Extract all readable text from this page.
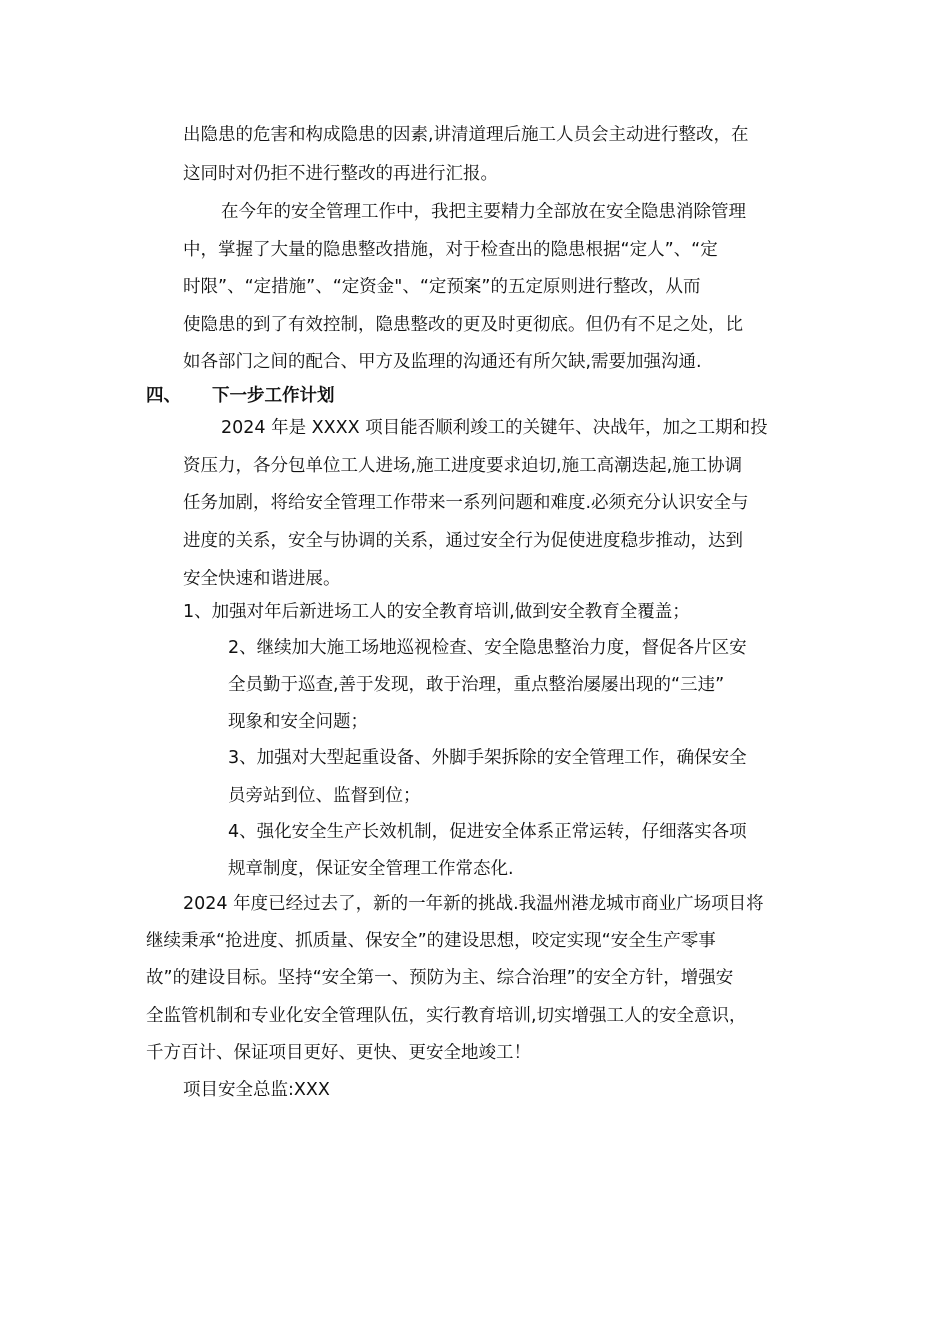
出隐患的危害和构成隐患的因素,讲清道理后施工人员会主动进行整改，在
这同时对仍拒不进行整改的再进行汇报。
在今年的安全管理工作中，我把主要精力全部放在安全隐患消除管理
中，掌握了大量的隐患整改措施，对于检查出的隐患根据“定人”、“定
时限”、“定措施”、“定资金"、“定预案”的五定原则进行整改，从而
使隐患的到了有效控制，隐患整改的更及时更彻底。但仍有不足之处，比
如各部门之间的配合、甲方及监理的沟通还有所欠缺,需要加强沟通.
四、 下一步工作计划
2024 年是 XXXX 项目能否顺利竣工的关键年、决战年，加之工期和投
资压力，各分包单位工人进场,施工进度要求迫切,施工高潮迭起,施工协调
任务加剧，将给安全管理工作带来一系列问题和难度.必须充分认识安全与
进度的关系，安全与协调的关系，通过安全行为促使进度稳步推动，达到
安全快速和谐进展。
1、加强对年后新进场工人的安全教育培训,做到安全教育全覆盖；
2、继续加大施工场地巡视检查、安全隐患整治力度，督促各片区安
全员勤于巡查,善于发现，敢于治理，重点整治屡屡出现的“三违”
现象和安全问题；
3、加强对大型起重设备、外脚手架拆除的安全管理工作，确保安全
员旁站到位、监督到位；
4、强化安全生产长效机制，促进安全体系正常运转，仔细落实各项
规章制度，保证安全管理工作常态化.
2024 年度已经过去了，新的一年新的挑战.我温州港龙城市商业广场项目将
继续秉承“抢进度、抓质量、保安全”的建设思想，咬定实现“安全生产零事
故”的建设目标。坚持“安全第一、预防为主、综合治理”的安全方针，增强安
全监管机制和专业化安全管理队伍，实行教育培训,切实增强工人的安全意识，
千方百计、保证项目更好、更快、更安全地竣工！
项目安全总监:XXX
